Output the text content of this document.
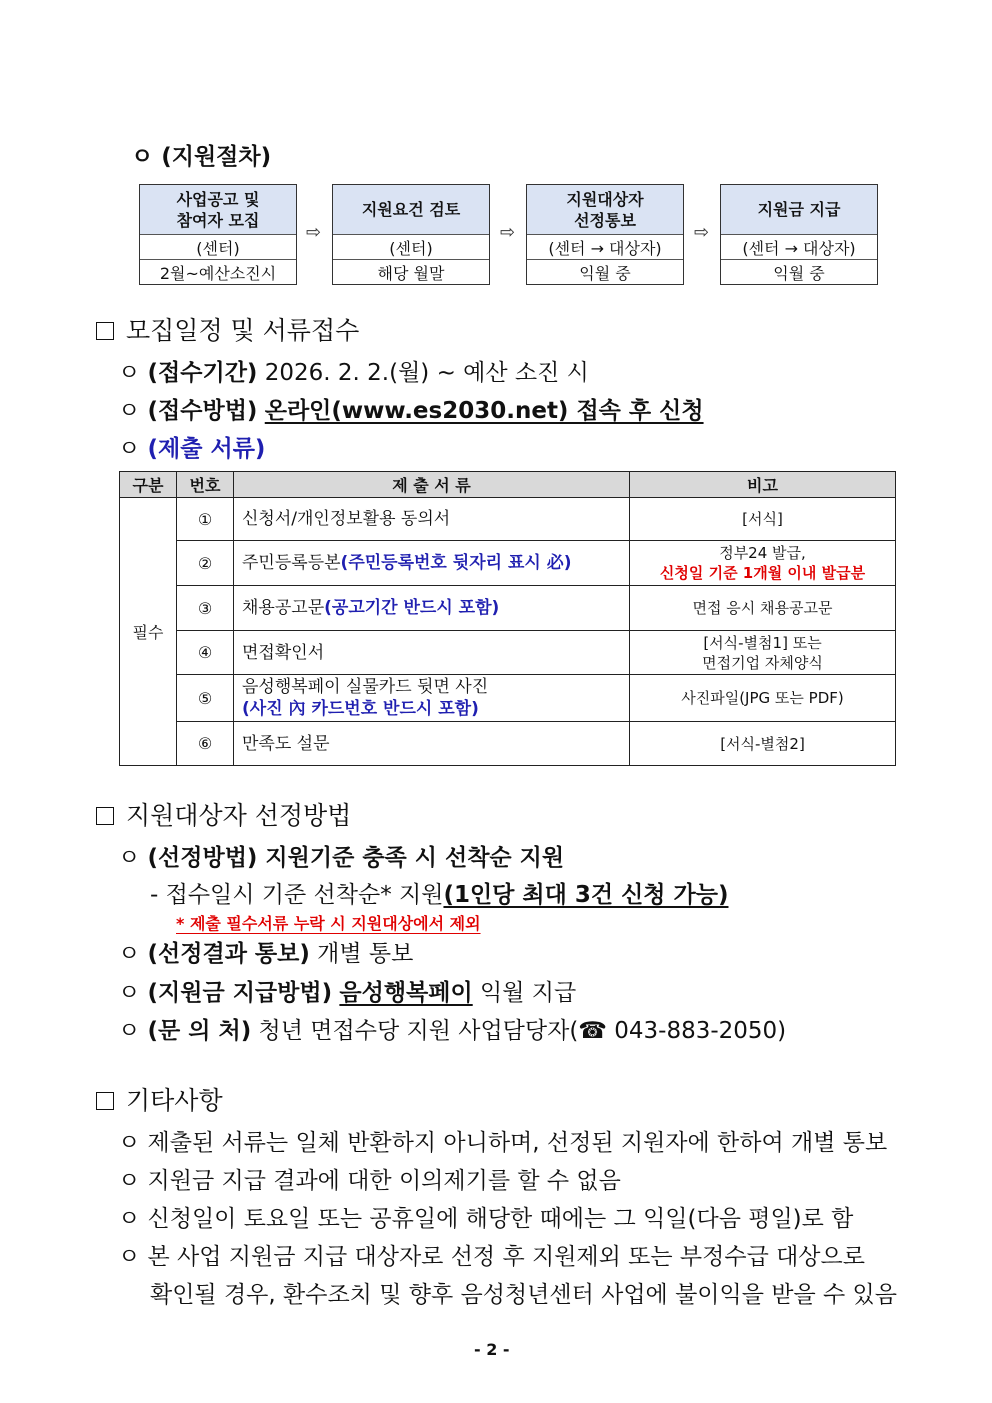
ㅇ (지원절차)
사업공고 및
참여자 모집
(센터)
2월~예산소진시
⇨
지원요건 검토
(센터)
해당 월말
⇨
지원대상자
선정통보
(센터 → 대상자)
익월 중
⇨
지원금 지급
(센터 → 대상자)
익월 중
모집일정 및 서류접수
ㅇ (접수기간) 2026. 2. 2.(월) ~ 예산 소진 시
ㅇ (접수방법) 온라인(www.es2030.net) 접속 후 신청
ㅇ (제출 서류)
구분	번호	제 출 서 류	비고
필수	①	신청서/개인정보활용 동의서	[서식]
	②	주민등록등본(주민등록번호 뒷자리 표시 必)	정부24 발급,
신청일 기준 1개월 이내 발급분

	③	채용공고문(공고기간 반드시 포함)	면접 응시 채용공고문
	④	면접확인서	[서식-별첨1] 또는
면접기업 자체양식

	⑤	음성행복페이 실물카드 뒷면 사진
(사진 內 카드번호 반드시 포함)	사진파일(JPG 또는 PDF)
	⑥	만족도 설문	[서식-별첨2]
지원대상자 선정방법
ㅇ (선정방법) 지원기준 충족 시 선착순 지원
- 접수일시 기준 선착순* 지원(1인당 최대 3건 신청 가능)
* 제출 필수서류 누락 시 지원대상에서 제외
ㅇ (선정결과 통보) 개별 통보
ㅇ (지원금 지급방법) 음성행복페이 익월 지급
ㅇ (문 의 처) 청년 면접수당 지원 사업담당자(☎ 043-883-2050)
기타사항
ㅇ 제출된 서류는 일체 반환하지 아니하며, 선정된 지원자에 한하여 개별 통보
ㅇ 지원금 지급 결과에 대한 이의제기를 할 수 없음
ㅇ 신청일이 토요일 또는 공휴일에 해당한 때에는 그 익일(다음 평일)로 함
ㅇ 본 사업 지원금 지급 대상자로 선정 후 지원제외 또는 부정수급 대상으로
확인될 경우, 환수조치 및 향후 음성청년센터 사업에 불이익을 받을 수 있음
- 2 -
